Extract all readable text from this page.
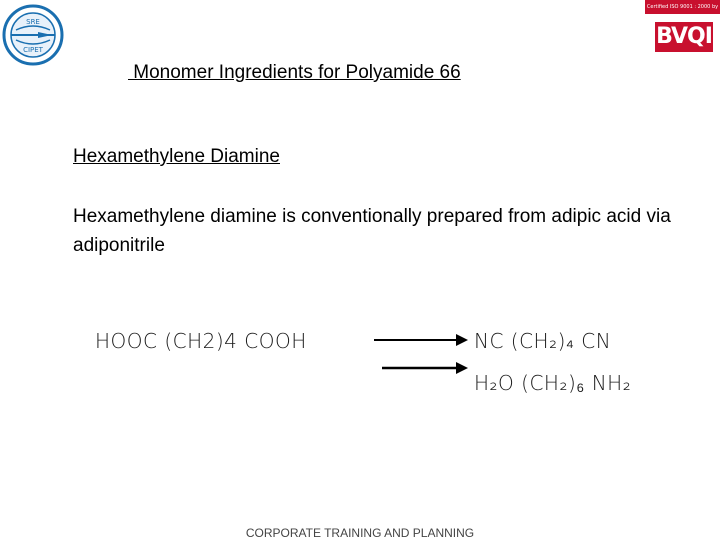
SRE
CIPET
Certified ISO 9001 : 2000 by
BVQI
Monomer Ingredients for Polyamide 66
Hexamethylene Diamine
Hexamethylene diamine is conventionally prepared from adipic acid via adiponitrile
HOOC (CH2)4 COOH	NC (CH₂)₄ CN
H₂O (CH₂)₆ NH₂
CORPORATE TRAINING AND PLANNING
